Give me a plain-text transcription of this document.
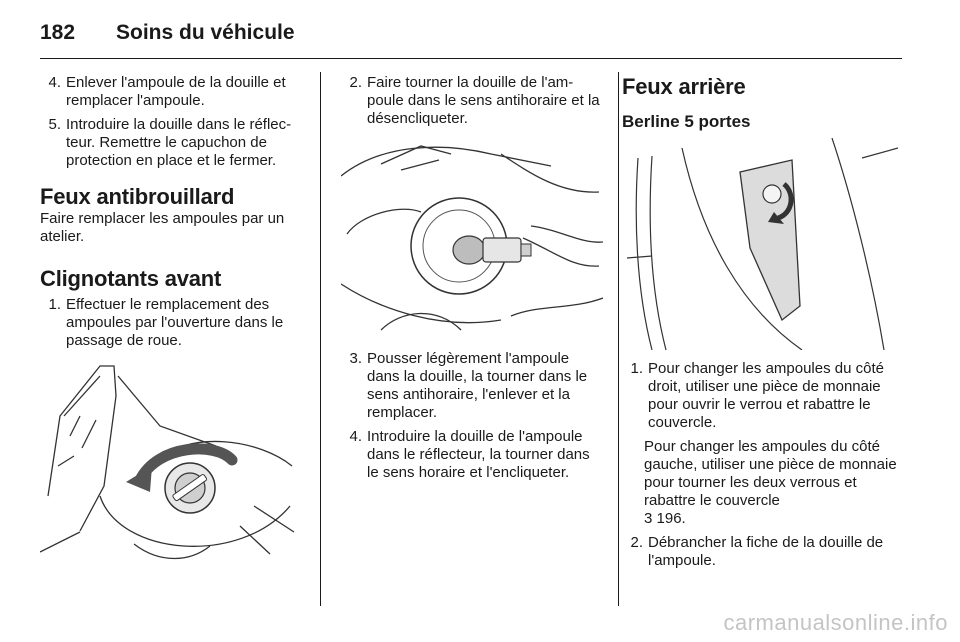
182	Soins du véhicule
4. Enlever l'ampoule de la douille et remplacer l'ampoule.
5. Introduire la douille dans le réflec-teur. Remettre le capuchon de protection en place et le fermer.
Feux antibrouillard

Faire remplacer les ampoules par un atelier.

Clignotants avant
1. Effectuer le remplacement des ampoules par l'ouverture dans le passage de roue.
2. Faire tourner la douille de l'am-poule dans le sens antihoraire et la désencliqueter.
3. Pousser légèrement l'ampoule dans la douille, la tourner dans le sens antihoraire, l'enlever et la remplacer.
4. Introduire la douille de l'ampoule dans le réflecteur, la tourner dans le sens horaire et l'encliqueter.
Feux arrière
Berline 5 portes
1. Pour changer les ampoules du côté droit, utiliser une pièce de monnaie pour ouvrir le verrou et rabattre le couvercle.

Pour changer les ampoules du côté gauche, utiliser une pièce de monnaie pour tourner les deux verrous et rabattre le couvercle
3 196.

2. Débrancher la fiche de la douille de l'ampoule.
carmanualsonline.info
